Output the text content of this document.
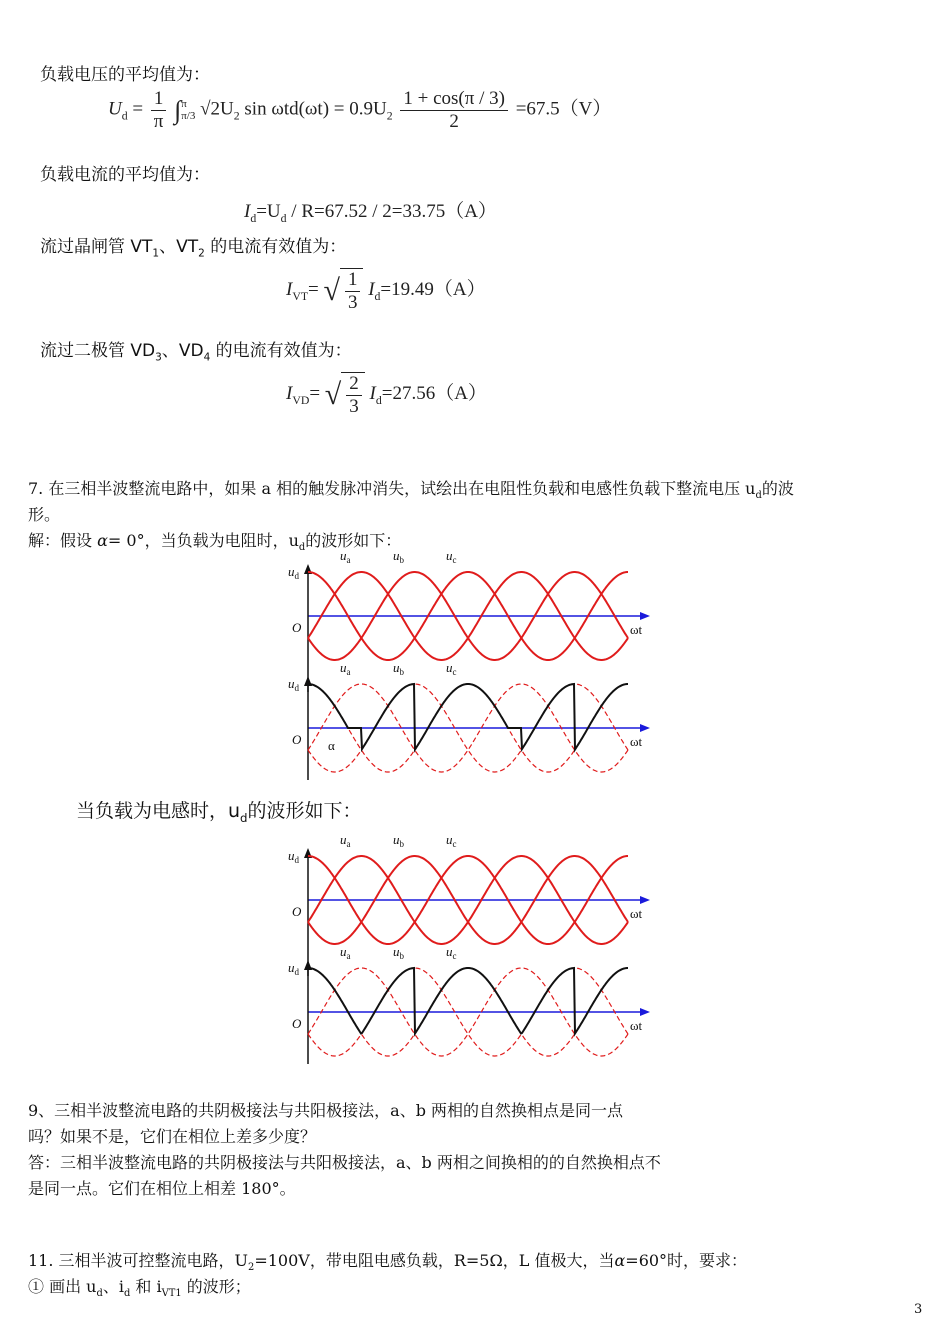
负载电压的平均值为：
$U_d = \frac{1}{\pi}$ ∫ π
π/3 $√2U_2$ $\sin \omega td(\omega t) = 0.9U_2 \frac{1 + \cos(\pi / 3)}{2} =67.5(V)$
负载电流的平均值为：
$I_d=U_d / R=67.52 / 2=33.75(A)$
流过晶闸管 $VT_1$、$VT_2$ 的电流有效值为：
$I_{VT}=$ √ $\frac{1}{3} I_d=19.49(A)$
流过二极管 $VD_3$、$VD_4$ 的电流有效值为：
$I_{VD}=$ √ $\frac{2}{3} I_d=27.56(A)$
7. 在三相半波整流电路中，如果 a 相的触发脉冲消失，试绘出在电阻性负载和电感性负载下整流电压 $u_d$的波
形。
解：假设 α= 0°，当负载为电阻时，$u_d$的波形如下：
$u_a$	$u_b$	$u_c$
$u_d$
O	ωt
$u_a$	$u_b$	$u_c$
$u_d$
O	ωt
α
当负载为电感时，$u_d$的波形如下：
$u_a$	$u_b$	$u_c$
$u_d$
O	ωt
$u_a$	$u_b$	$u_c$
$u_d$
O	ωt
9、三相半波整流电路的共阴极接法与共阳极接法，a、b 两相的自然换相点是同一点
吗？如果不是，它们在相位上差多少度？
答：三相半波整流电路的共阴极接法与共阳极接法，a、b 两相之间换相的的自然换相点不
是同一点。它们在相位上相差 180°。
11. 三相半波可控整流电路，$U_2=100V$，带电阻电感负载，R=5Ω，L 值极大，当α=60°时，要求：
① 画出 $u_d$、$i_d$ 和 $i_{VT1}$ 的波形；
3
